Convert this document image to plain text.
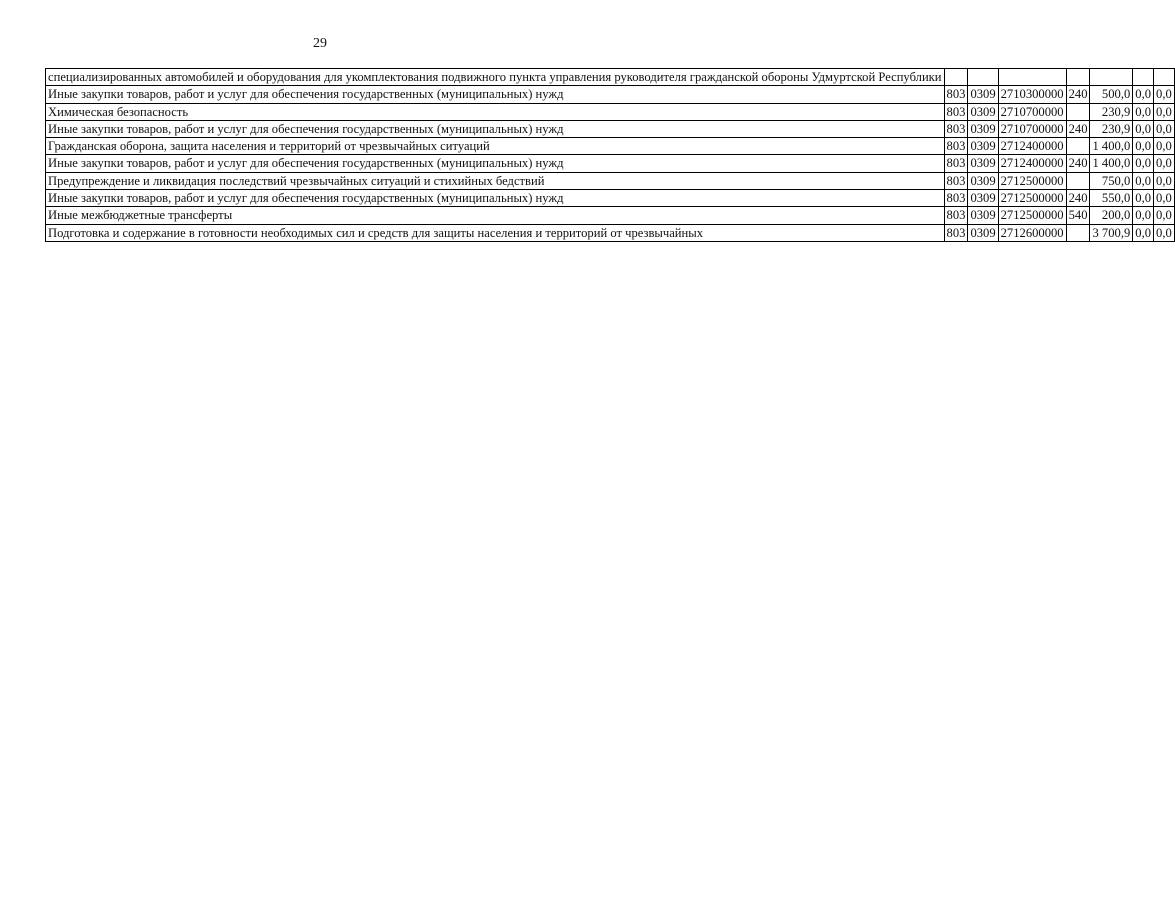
29
специализированных автомобилей и оборудования для укомплектования подвижного пункта управления руководителя гражданской обороны Удмуртской Республики							
Иные закупки товаров, работ и услуг для обеспечения государственных (муниципальных) нужд	803	0309	2710300000	240	500,0	0,0	0,0
Химическая безопасность	803	0309	2710700000		230,9	0,0	0,0
Иные закупки товаров, работ и услуг для обеспечения государственных (муниципальных) нужд	803	0309	2710700000	240	230,9	0,0	0,0
Гражданская оборона, защита населения и территорий от чрезвычайных ситуаций	803	0309	2712400000		1 400,0	0,0	0,0
Иные закупки товаров, работ и услуг для обеспечения государственных (муниципальных) нужд	803	0309	2712400000	240	1 400,0	0,0	0,0
Предупреждение и ликвидация последствий чрезвычайных ситуаций и стихийных бедствий	803	0309	2712500000		750,0	0,0	0,0
Иные закупки товаров, работ и услуг для обеспечения государственных (муниципальных) нужд	803	0309	2712500000	240	550,0	0,0	0,0
Иные межбюджетные трансферты	803	0309	2712500000	540	200,0	0,0	0,0
Подготовка и содержание в готовности необходимых сил и средств для защиты населения и территорий от чрезвычайных	803	0309	2712600000		3 700,9	0,0	0,0
